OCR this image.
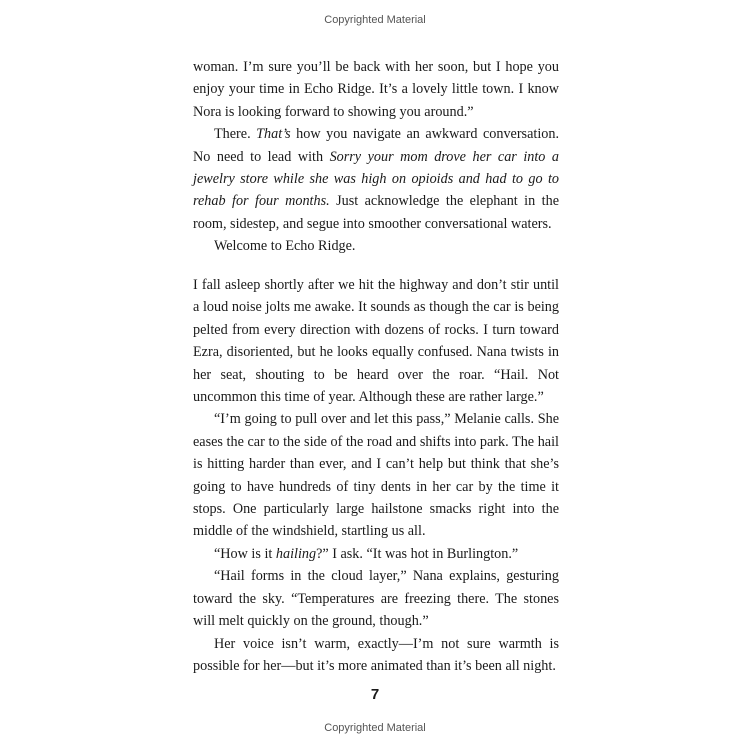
Copyrighted Material

woman. I’m sure you’ll be back with her soon, but I hope you enjoy your time in Echo Ridge. It’s a lovely little town. I know Nora is looking forward to showing you around.”

There. That’s how you navigate an awkward conversation. No need to lead with Sorry your mom drove her car into a jewelry store while she was high on opioids and had to go to rehab for four months. Just acknowledge the elephant in the room, sidestep, and segue into smoother conversational waters.

Welcome to Echo Ridge.

I fall asleep shortly after we hit the highway and don’t stir until a loud noise jolts me awake. It sounds as though the car is being pelted from every direction with dozens of rocks. I turn toward Ezra, disoriented, but he looks equally confused. Nana twists in her seat, shouting to be heard over the roar. “Hail. Not uncommon this time of year. Although these are rather large.”

“I’m going to pull over and let this pass,” Melanie calls. She eases the car to the side of the road and shifts into park. The hail is hitting harder than ever, and I can’t help but think that she’s going to have hundreds of tiny dents in her car by the time it stops. One particularly large hailstone smacks right into the middle of the windshield, startling us all.

“How is it hailing?” I ask. “It was hot in Burlington.”

“Hail forms in the cloud layer,” Nana explains, gesturing toward the sky. “Temperatures are freezing there. The stones will melt quickly on the ground, though.”

Her voice isn’t warm, exactly—I’m not sure warmth is possible for her—but it’s more animated than it’s been all night.

7
Copyrighted Material
